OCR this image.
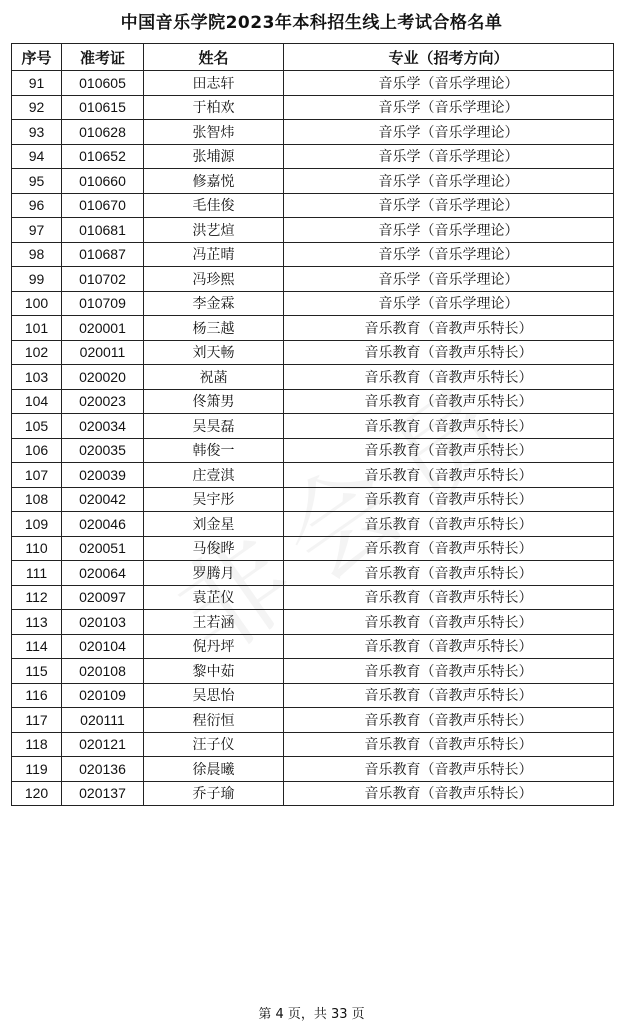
中国音乐学院2023年本科招生线上考试合格名单
序号	准考证	姓名	专业（招考方向）
91	010605	田志轩	音乐学（音乐学理论）
92	010615	于柏欢	音乐学（音乐学理论）
93	010628	张智炜	音乐学（音乐学理论）
94	010652	张埔源	音乐学（音乐学理论）
95	010660	修嘉悦	音乐学（音乐学理论）
96	010670	毛佳俊	音乐学（音乐学理论）
97	010681	洪艺煊	音乐学（音乐学理论）
98	010687	冯芷晴	音乐学（音乐学理论）
99	010702	冯珍熙	音乐学（音乐学理论）
100	010709	李金霖	音乐学（音乐学理论）
101	020001	杨三越	音乐教育（音教声乐特长）
102	020011	刘天畅	音乐教育（音教声乐特长）
103	020020	祝菡	音乐教育（音教声乐特长）
104	020023	佟箫男	音乐教育（音教声乐特长）
105	020034	吴昊磊	音乐教育（音教声乐特长）
106	020035	韩俊一	音乐教育（音教声乐特长）
107	020039	庄壹淇	音乐教育（音教声乐特长）
108	020042	吴宇彤	音乐教育（音教声乐特长）
109	020046	刘金星	音乐教育（音教声乐特长）
110	020051	马俊晔	音乐教育（音教声乐特长）
111	020064	罗腾月	音乐教育（音教声乐特长）
112	020097	袁芷仪	音乐教育（音教声乐特长）
113	020103	王若涵	音乐教育（音教声乐特长）
114	020104	倪丹坪	音乐教育（音教声乐特长）
115	020108	黎中茹	音乐教育（音教声乐特长）
116	020109	吴思怡	音乐教育（音教声乐特长）
117	020111	程衍恒	音乐教育（音教声乐特长）
118	020121	汪子仪	音乐教育（音教声乐特长）
119	020136	徐晨曦	音乐教育（音教声乐特长）
120	020137	乔子瑜	音乐教育（音教声乐特长）
第 4 页，共 33 页
